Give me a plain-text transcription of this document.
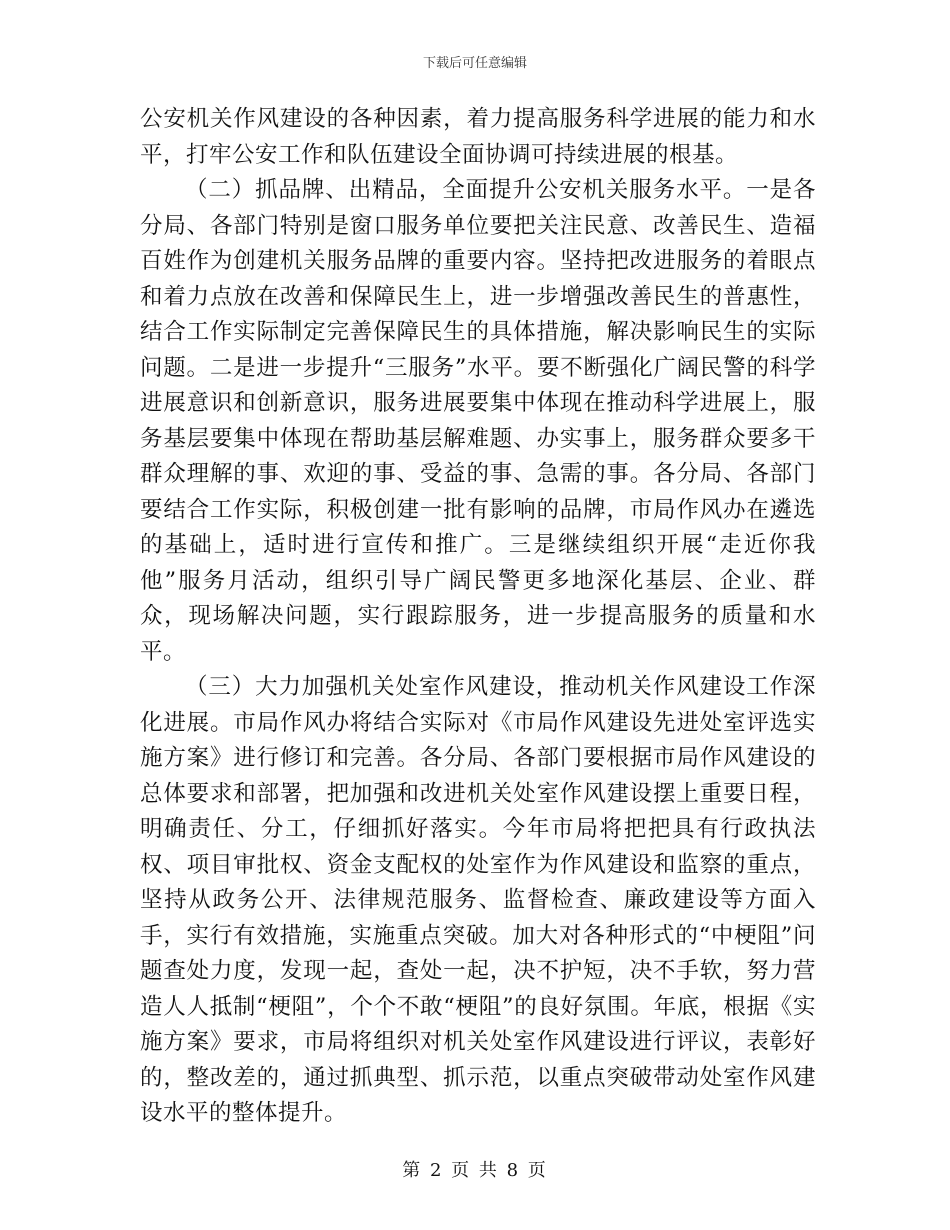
下载后可任意编辑

公安机关作风建设的各种因素，着力提高服务科学进展的能力和水平，打牢公安工作和队伍建设全面协调可持续进展的根基。

（二）抓品牌、出精品，全面提升公安机关服务水平。一是各分局、各部门特别是窗口服务单位要把关注民意、改善民生、造福百姓作为创建机关服务品牌的重要内容。坚持把改进服务的着眼点和着力点放在改善和保障民生上，进一步增强改善民生的普惠性，结合工作实际制定完善保障民生的具体措施，解决影响民生的实际问题。二是进一步提升“三服务”水平。要不断强化广阔民警的科学进展意识和创新意识，服务进展要集中体现在推动科学进展上，服务基层要集中体现在帮助基层解难题、办实事上，服务群众要多干群众理解的事、欢迎的事、受益的事、急需的事。各分局、各部门要结合工作实际，积极创建一批有影响的品牌，市局作风办在遴选的基础上，适时进行宣传和推广。三是继续组织开展“走近你我他”服务月活动，组织引导广阔民警更多地深化基层、企业、群众，现场解决问题，实行跟踪服务，进一步提高服务的质量和水平。

（三）大力加强机关处室作风建设，推动机关作风建设工作深化进展。市局作风办将结合实际对《市局作风建设先进处室评选实施方案》进行修订和完善。各分局、各部门要根据市局作风建设的总体要求和部署，把加强和改进机关处室作风建设摆上重要日程，明确责任、分工，仔细抓好落实。今年市局将把把具有行政执法权、项目审批权、资金支配权的处室作为作风建设和监察的重点，坚持从政务公开、法律规范服务、监督检查、廉政建设等方面入手，实行有效措施，实施重点突破。加大对各种形式的“中梗阻”问题查处力度，发现一起，查处一起，决不护短，决不手软，努力营造人人抵制“梗阻”，个个不敢“梗阻”的良好氛围。年底，根据《实施方案》要求，市局将组织对机关处室作风建设进行评议，表彰好的，整改差的，通过抓典型、抓示范，以重点突破带动处室作风建设水平的整体提升。

第 2 页 共 8 页
